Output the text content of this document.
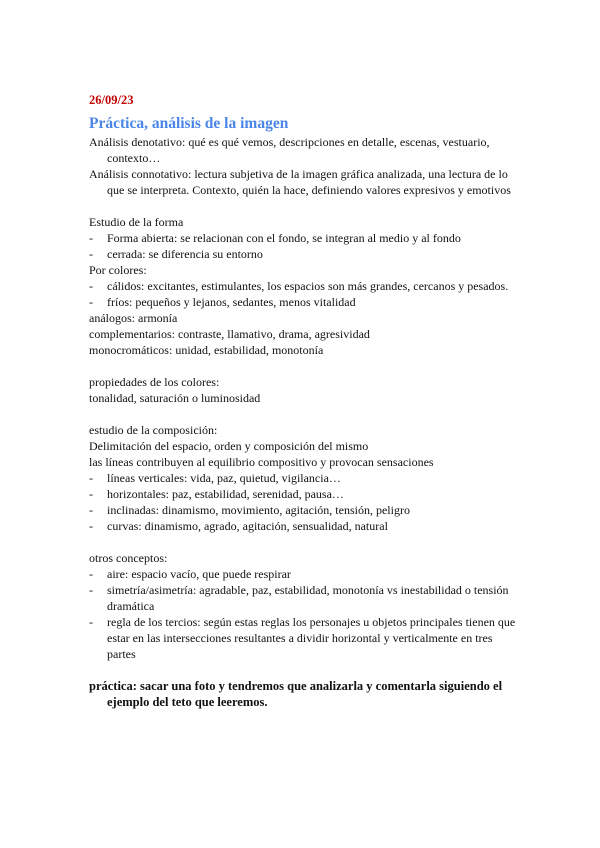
26/09/23
Práctica, análisis de la imagen
Análisis denotativo: qué es qué vemos, descripciones en detalle, escenas, vestuario, contexto…
Análisis connotativo: lectura subjetiva de la imagen gráfica analizada, una lectura de lo que se interpreta. Contexto, quién la hace, definiendo valores expresivos y emotivos
Estudio de la forma
- Forma abierta: se relacionan con el fondo, se integran al medio y al fondo
- cerrada: se diferencia su entorno
Por colores:
- cálidos: excitantes, estimulantes, los espacios son más grandes, cercanos y pesados.
- fríos: pequeños y lejanos, sedantes, menos vitalidad
análogos: armonía
complementarios: contraste, llamativo, drama, agresividad
monocromáticos: unidad, estabilidad, monotonía
propiedades de los colores:
tonalidad, saturación o luminosidad
estudio de la composición:
Delimitación del espacio, orden y composición del mismo
las líneas contribuyen al equilibrio compositivo y provocan sensaciones
- líneas verticales: vida, paz, quietud, vigilancia…
- horizontales: paz, estabilidad, serenidad, pausa…
- inclinadas: dinamismo, movimiento, agitación, tensión, peligro
- curvas: dinamismo, agrado, agitación, sensualidad, natural
otros conceptos:
- aire: espacio vacío, que puede respirar
- simetría/asimetría: agradable, paz, estabilidad, monotonía vs inestabilidad o tensión dramática
- regla de los tercios: según estas reglas los personajes u objetos principales tienen que estar en las intersecciones resultantes a dividir horizontal y verticalmente en tres partes
práctica: sacar una foto y tendremos que analizarla y comentarla siguiendo el ejemplo del teto que leeremos.
